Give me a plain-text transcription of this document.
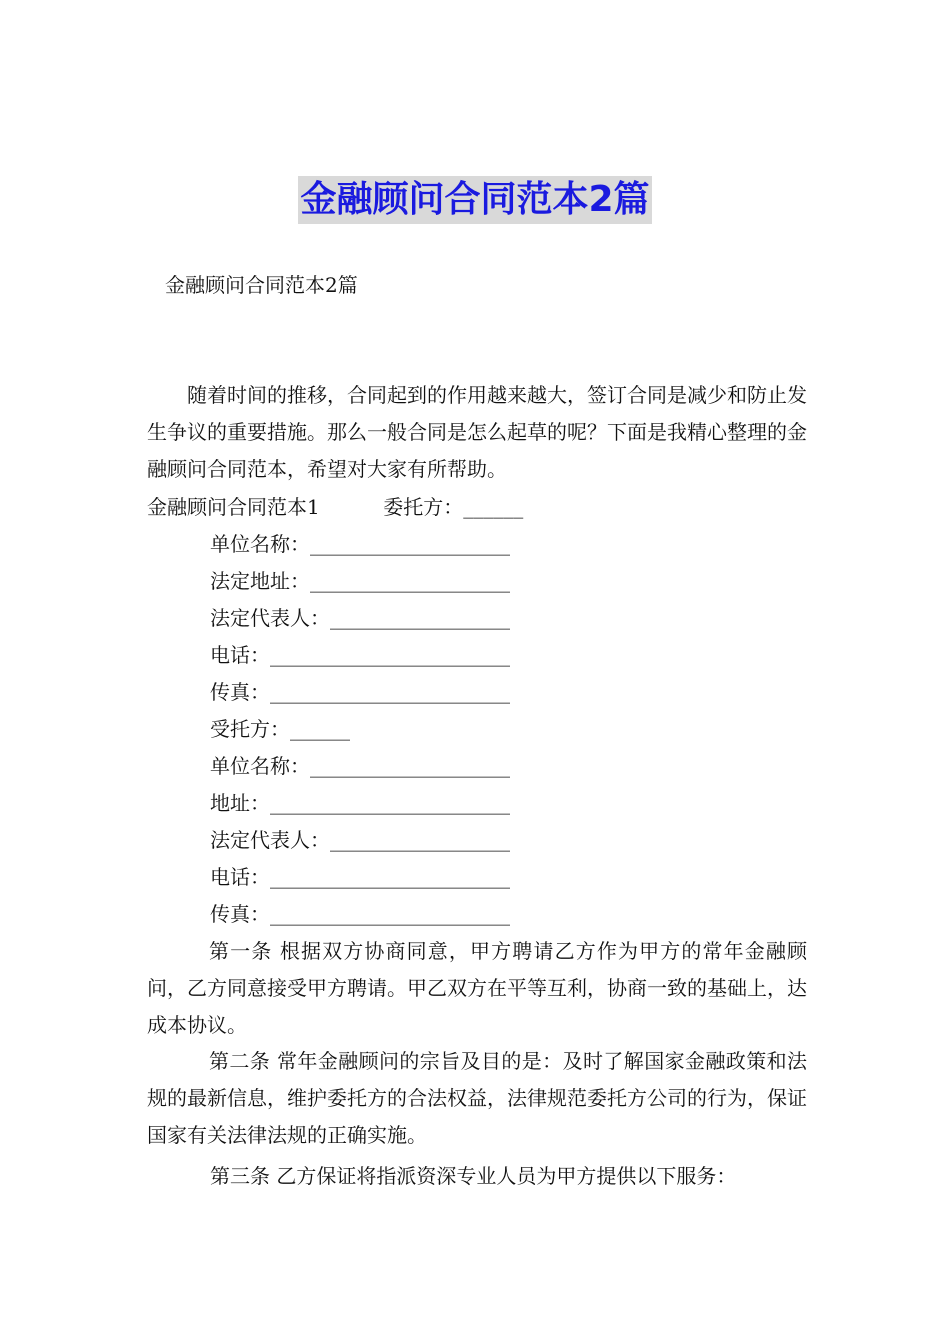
金融顾问合同范本2篇
金融顾问合同范本2篇

随着时间的推移，合同起到的作用越来越大，签订合同是减少和防止发生争议的重要措施。那么一般合同是怎么起草的呢？下面是我精心整理的金融顾问合同范本，希望对大家有所帮助。

金融顾问合同范本1          委托方：______
单位名称：____________________
法定地址：____________________
法定代表人：__________________
电话：________________________
传真：________________________
受托方：______
单位名称：____________________
地址：________________________
法定代表人：__________________
电话：________________________
传真：________________________

第一条 根据双方协商同意，甲方聘请乙方作为甲方的常年金融顾问，乙方同意接受甲方聘请。甲乙双方在平等互利，协商一致的基础上，达成本协议。

第二条 常年金融顾问的宗旨及目的是：及时了解国家金融政策和法规的最新信息，维护委托方的合法权益，法律规范委托方公司的行为，保证国家有关法律法规的正确实施。

第三条 乙方保证将指派资深专业人员为甲方提供以下服务：
